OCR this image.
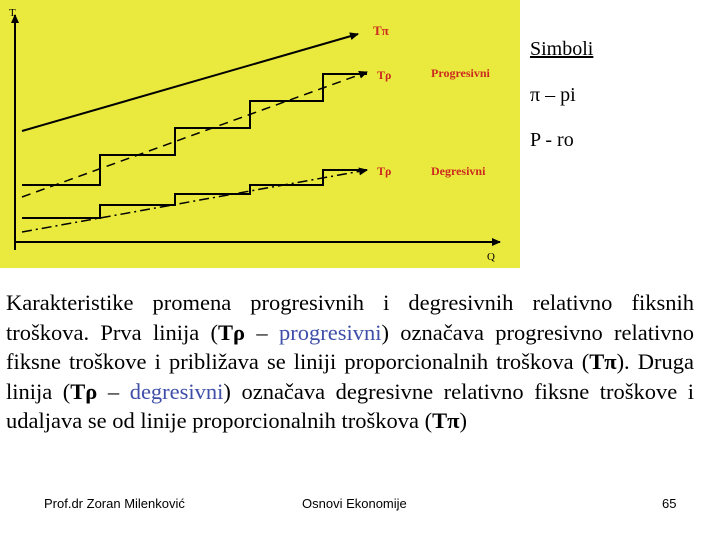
T
Q
Tπ
Tρ
Tρ
Progresivni
Degresivni
Simboli
π – pi
P - ro
Karakteristike promena progresivnih i degresivnih relativno fiksnih troškova. Prva linija (Tρ – progresivni) označava progresivno relativno fiksne troškove i približava se liniji proporcionalnih troškova (Tπ). Druga linija (Tρ – degresivni) označava degresivne relativno fiksne troškove i udaljava se od linije proporcionalnih troškova (Tπ)
Prof.dr Zoran Milenković	Osnovi Ekonomije	65
